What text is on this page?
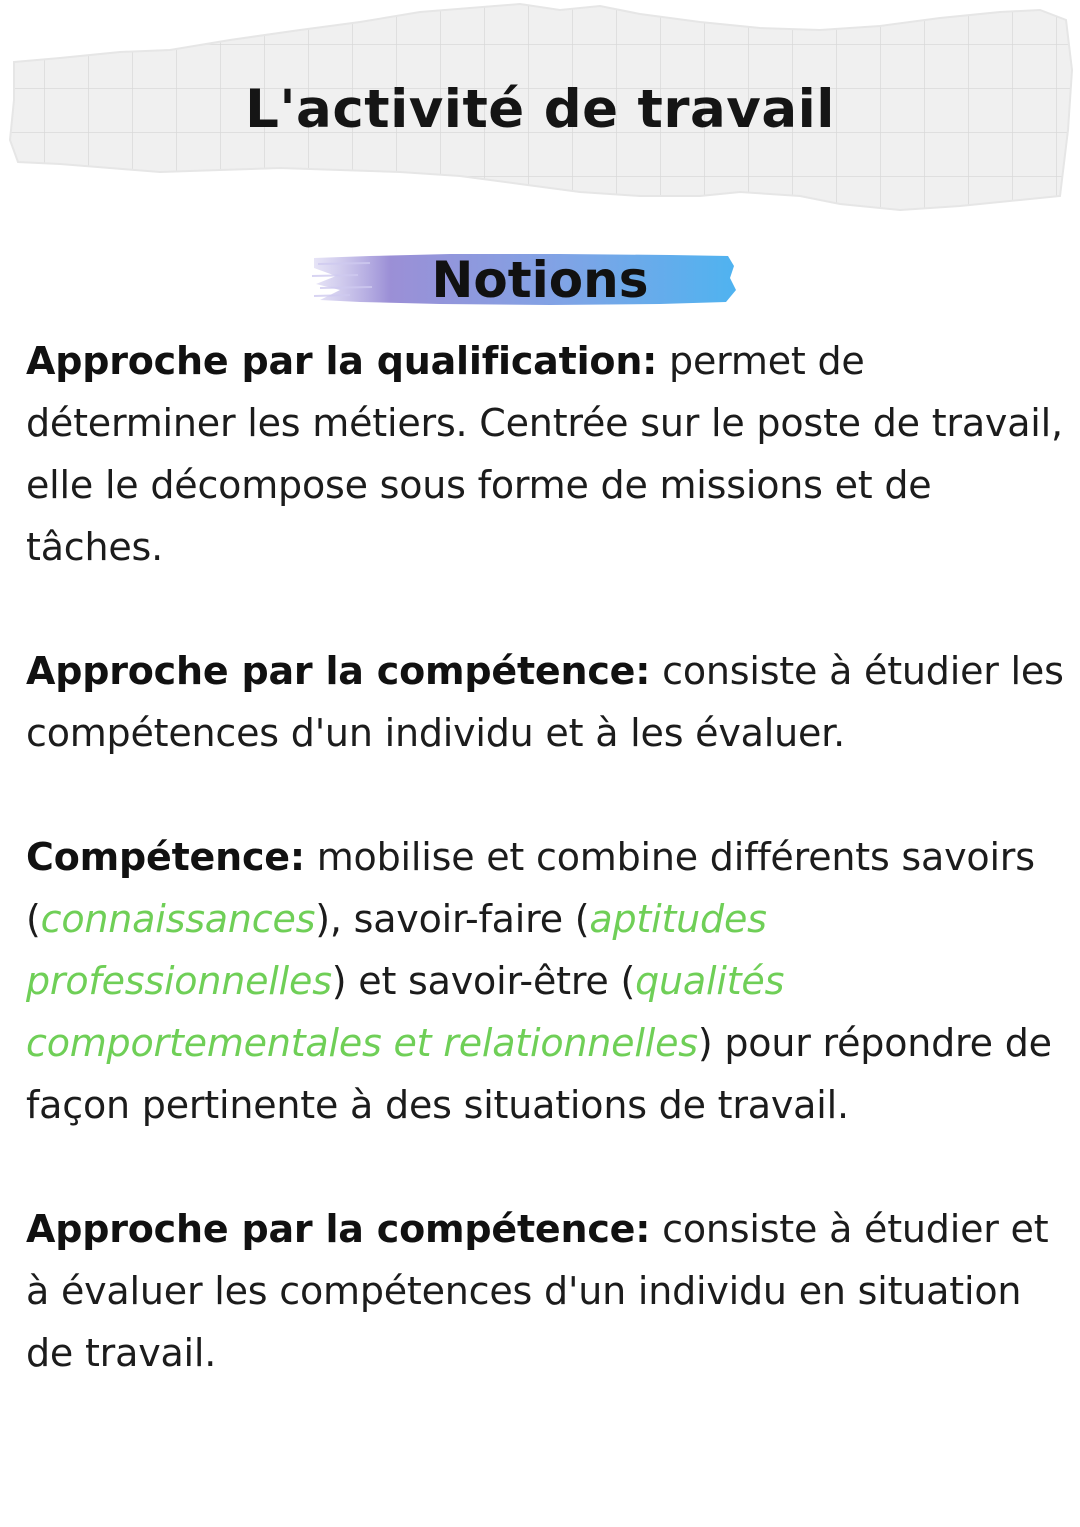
L'activité de travail
Notions

Approche par la qualification: permet de déterminer les métiers. Centrée sur le poste de travail, elle le décompose sous forme de missions et de tâches.

Approche par la compétence: consiste à étudier les compétences d'un individu et à les évaluer.

Compétence: mobilise et combine différents savoirs (connaissances), savoir-faire (aptitudes professionnelles) et savoir-être (qualités comportementales et relationnelles) pour répondre de façon pertinente à des situations de travail.

Approche par la compétence: consiste à étudier et à évaluer les compétences d'un individu en situation de travail.
